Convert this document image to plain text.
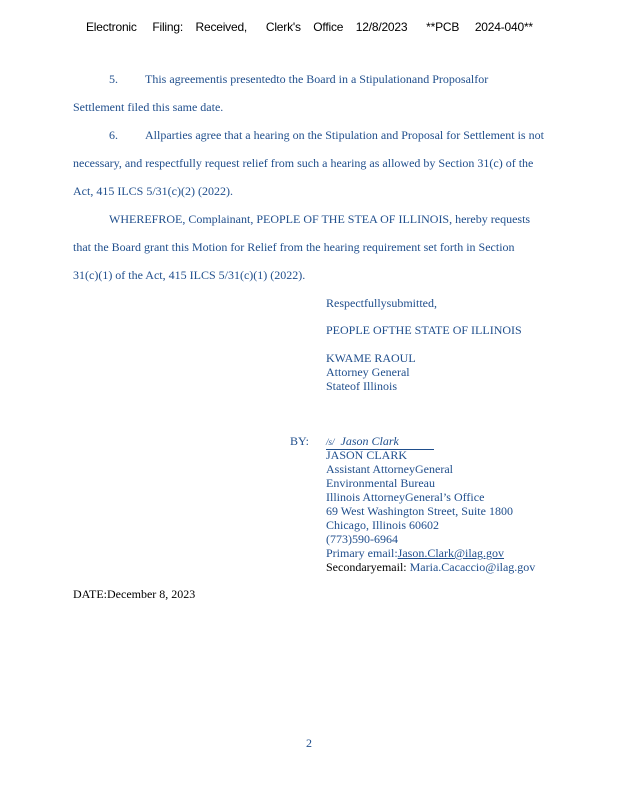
Electronic     Filing:    Received,      Clerk's    Office    12/8/2023      **PCB     2024-040**
5. This agreementis presentedto the Board in a Stipulationand Proposalfor
Settlement filed this same date.
6. Allparties agree that a hearing on the Stipulation and Proposal for Settlement is not
necessary, and respectfully request relief from such a hearing as allowed by Section 31(c) of the
Act, 415 ILCS 5/31(c)(2) (2022).
WHEREFROE, Complainant, PEOPLE OF THE STEA OF ILLINOIS, hereby requests
that the Board grant this Motion for Relief from the hearing requirement set forth in Section
31(c)(1) of the Act, 415 ILCS 5/31(c)(1) (2022).
Respectfullysubmitted,
PEOPLE OFTHE STATE OF ILLINOIS
KWAME RAOUL
Attorney General
Stateof Illinois
BY: /s/ Jason Clark
JASON CLARK
Assistant AttorneyGeneral
Environmental Bureau
Illinois AttorneyGeneral’s Office
69 West Washington Street, Suite 1800
Chicago, Illinois 60602
(773)590-6964
Primary email:Jason.Clark@ilag.gov
Secondaryemail: Maria.Cacaccio@ilag.gov
DATE:December 8, 2023
2
